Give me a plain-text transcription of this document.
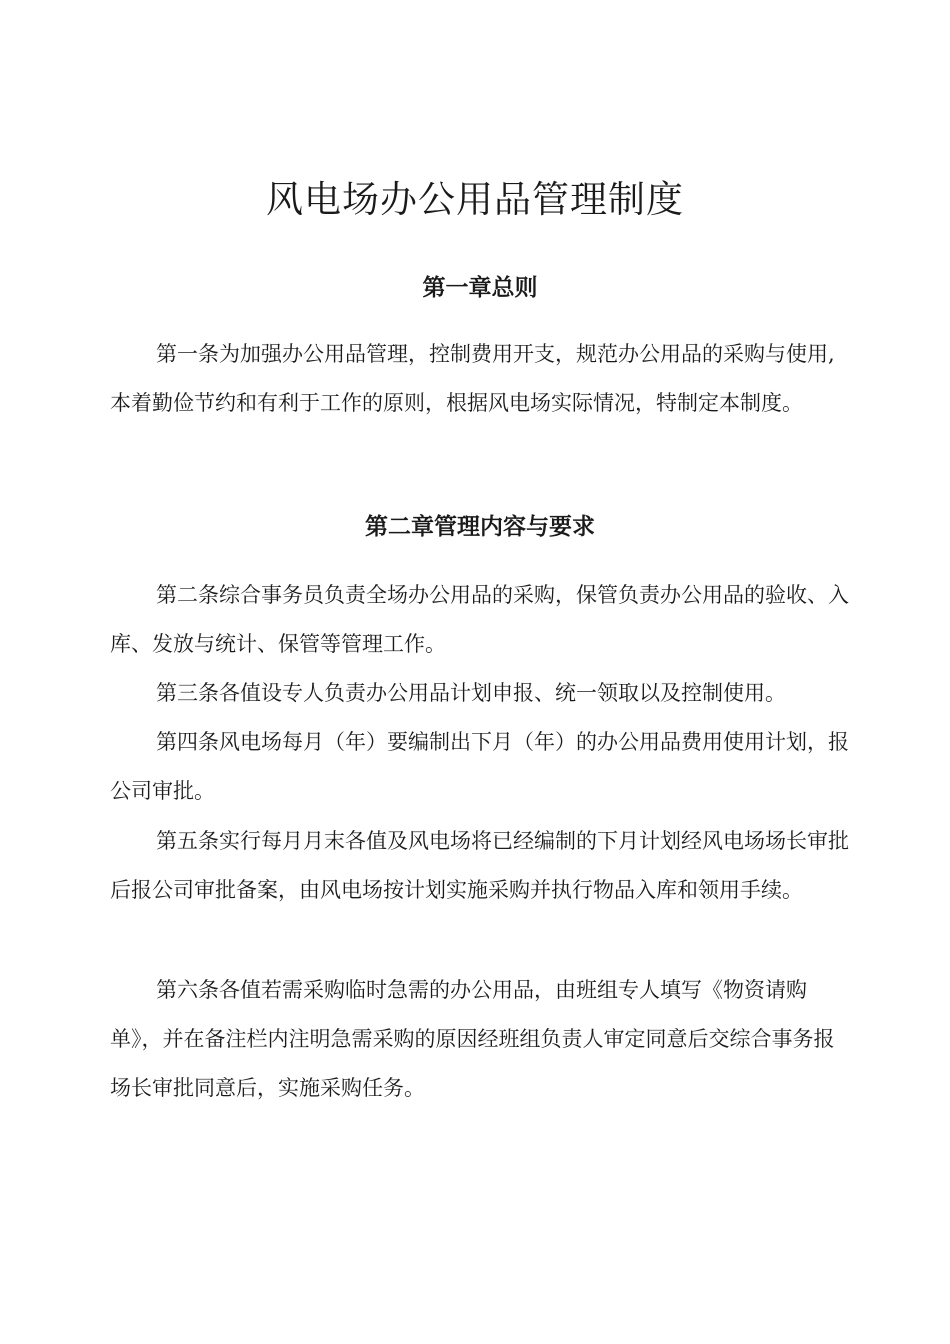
风电场办公用品管理制度
第一章总则

第一条为加强办公用品管理，控制费用开支，规范办公用品的采购与使用,本着勤俭节约和有利于工作的原则，根据风电场实际情况，特制定本制度。

第二章管理内容与要求

第二条综合事务员负责全场办公用品的采购，保管负责办公用品的验收、入库、发放与统计、保管等管理工作。

第三条各值设专人负责办公用品计划申报、统一领取以及控制使用。

第四条风电场每月（年）要编制出下月（年）的办公用品费用使用计划，报公司审批。

第五条实行每月月末各值及风电场将已经编制的下月计划经风电场场长审批后报公司审批备案，由风电场按计划实施采购并执行物品入库和领用手续。

第六条各值若需采购临时急需的办公用品，由班组专人填写《物资请购单》，并在备注栏内注明急需采购的原因经班组负责人审定同意后交综合事务报场长审批同意后，实施采购任务。
